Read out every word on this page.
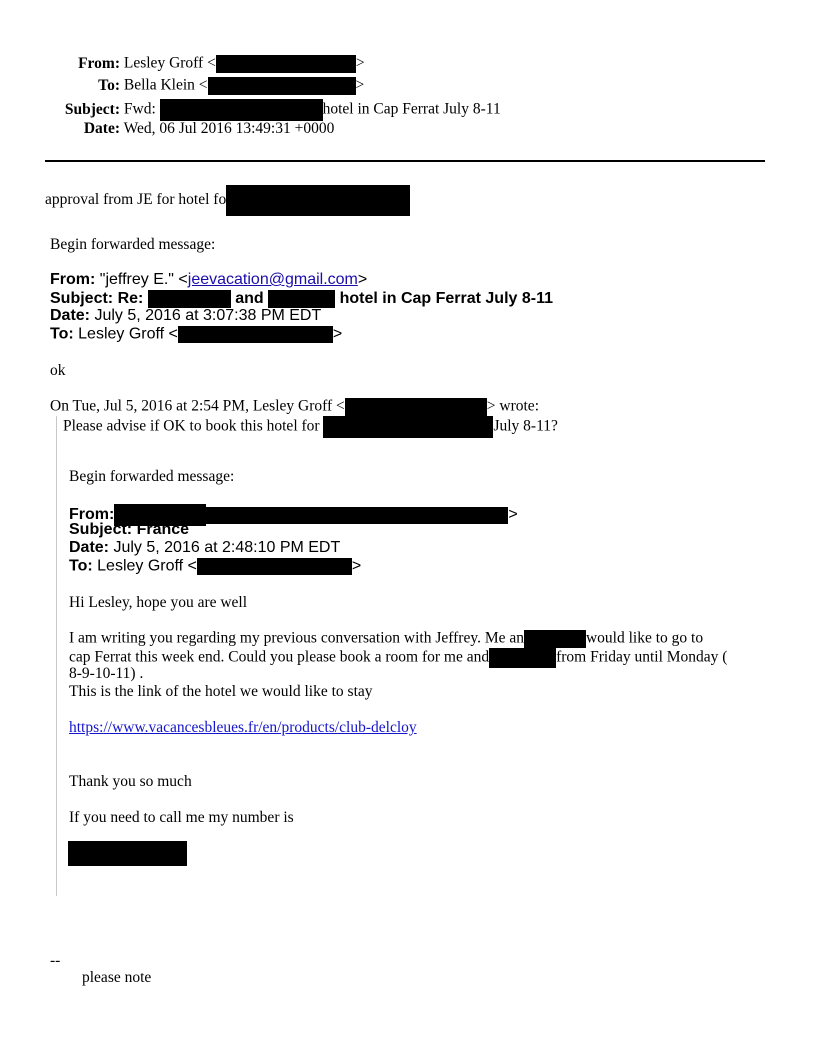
From: Lesley Groff <	>
To: Bella Klein <	>
Subject: Fwd:	hotel in Cap Ferrat July 8-11
Date: Wed, 06 Jul 2016 13:49:31 +0000
approval from JE for hotel fo
Begin forwarded message:
From: "jeffrey E." <jeevacation@gmail.com>
Subject: Re:	and	hotel in Cap Ferrat July 8-11
Date: July 5, 2016 at 3:07:38 PM EDT
To: Lesley Groff <	>
ok
On Tue, Jul 5, 2016 at 2:54 PM, Lesley Groff <	> wrote:
Please advise if OK to book this hotel for	July 8-11?
Begin forwarded message:
From:	>
Subject: France
Date: July 5, 2016 at 2:48:10 PM EDT
To: Lesley Groff <	>
Hi Lesley, hope you are well
I am writing you regarding my previous conversation with Jeffrey. Me an	would like to go to
cap Ferrat this week end. Could you please book a room for me and	from Friday until Monday (
8-9-10-11) .
This is the link of the hotel we would like to stay
https://www.vacancesbleues.fr/en/products/club-delcloy
Thank you so much
If you need to call me my number is
--
please note
